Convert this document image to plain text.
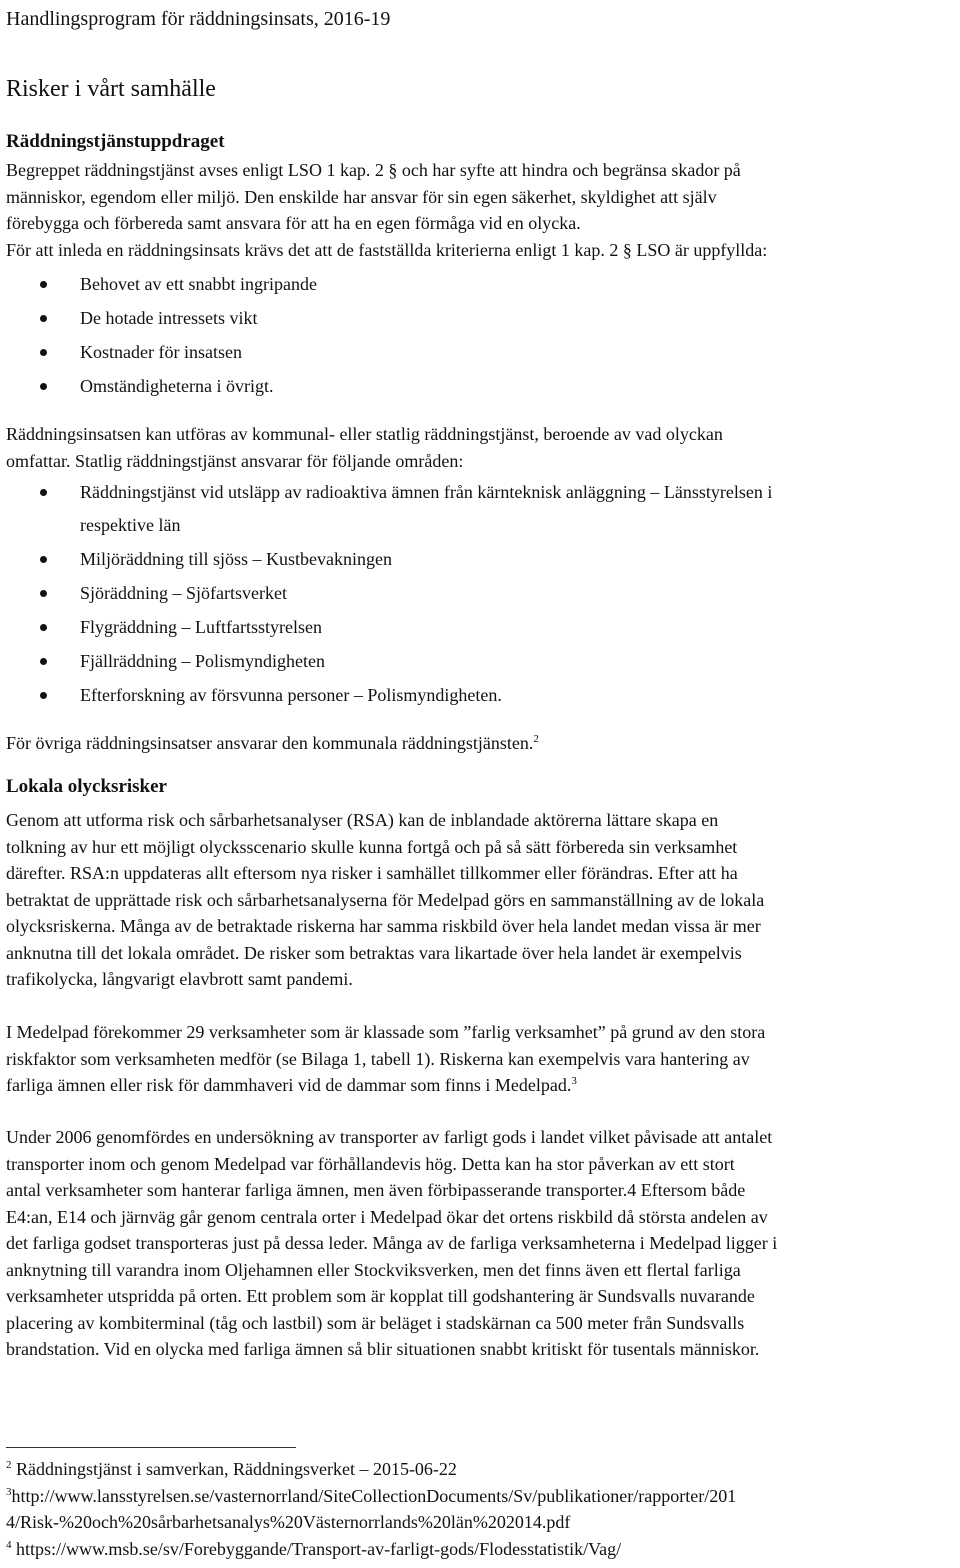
Handlingsprogram för räddningsinsats, 2016-19
Risker i vårt samhälle
Räddningstjänstuppdraget

Begreppet räddningstjänst avses enligt LSO 1 kap. 2 § och har syfte att hindra och begränsa skador på
människor, egendom eller miljö. Den enskilde har ansvar för sin egen säkerhet, skyldighet att själv
förebygga och förbereda samt ansvara för att ha en egen förmåga vid en olycka.
För att inleda en räddningsinsats krävs det att de fastställda kriterierna enligt 1 kap. 2 § LSO är uppfyllda:

Behovet av ett snabbt ingripande
De hotade intressets vikt
Kostnader för insatsen
Omständigheterna i övrigt.

Räddningsinsatsen kan utföras av kommunal- eller statlig räddningstjänst, beroende av vad olyckan
omfattar. Statlig räddningstjänst ansvarar för följande områden:

Räddningstjänst vid utsläpp av radioaktiva ämnen från kärnteknisk anläggning – Länsstyrelsen i
respektive län
Miljöräddning till sjöss – Kustbevakningen
Sjöräddning – Sjöfartsverket
Flygräddning – Luftfartsstyrelsen
Fjällräddning – Polismyndigheten
Efterforskning av försvunna personer – Polismyndigheten.

För övriga räddningsinsatser ansvarar den kommunala räddningstjänsten.$^2$

Lokala olycksrisker

Genom att utforma risk och sårbarhetsanalyser (RSA) kan de inblandade aktörerna lättare skapa en
tolkning av hur ett möjligt olycksscenario skulle kunna fortgå och på så sätt förbereda sin verksamhet
därefter. RSA:n uppdateras allt eftersom nya risker i samhället tillkommer eller förändras. Efter att ha
betraktat de upprättade risk och sårbarhetsanalyserna för Medelpad görs en sammanställning av de lokala
olycksriskerna. Många av de betraktade riskerna har samma riskbild över hela landet medan vissa är mer
anknutna till det lokala området. De risker som betraktas vara likartade över hela landet är exempelvis
trafikolycka, långvarigt elavbrott samt pandemi.

I Medelpad förekommer 29 verksamheter som är klassade som ”farlig verksamhet” på grund av den stora
riskfaktor som verksamheten medför (se Bilaga 1, tabell 1). Riskerna kan exempelvis vara hantering av
farliga ämnen eller risk för dammhaveri vid de dammar som finns i Medelpad.$^3$

Under 2006 genomfördes en undersökning av transporter av farligt gods i landet vilket påvisade att antalet
transporter inom och genom Medelpad var förhållandevis hög. Detta kan ha stor påverkan av ett stort
antal verksamheter som hanterar farliga ämnen, men även förbipasserande transporter.4 Eftersom både
E4:an, E14 och järnväg går genom centrala orter i Medelpad ökar det ortens riskbild då största andelen av
det farliga godset transporteras just på dessa leder. Många av de farliga verksamheterna i Medelpad ligger i
anknytning till varandra inom Oljehamnen eller Stockviksverken, men det finns även ett flertal farliga
verksamheter utspridda på orten. Ett problem som är kopplat till godshantering är Sundsvalls nuvarande
placering av kombiterminal (tåg och lastbil) som är beläget i stadskärnan ca 500 meter från Sundsvalls
brandstation. Vid en olycka med farliga ämnen så blir situationen snabbt kritiskt för tusentals människor.

$^2$ Räddningstjänst i samverkan, Räddningsverket – 2015-06-22
$^3$http://www.lansstyrelsen.se/vasternorrland/SiteCollectionDocuments/Sv/publikationer/rapporter/201
4/Risk-%20och%20sårbarhetsanalys%20Västernorrlands%20län%202014.pdf
$^4$ https://www.msb.se/sv/Forebyggande/Transport-av-farligt-gods/Flodesstatistik/Vag/
